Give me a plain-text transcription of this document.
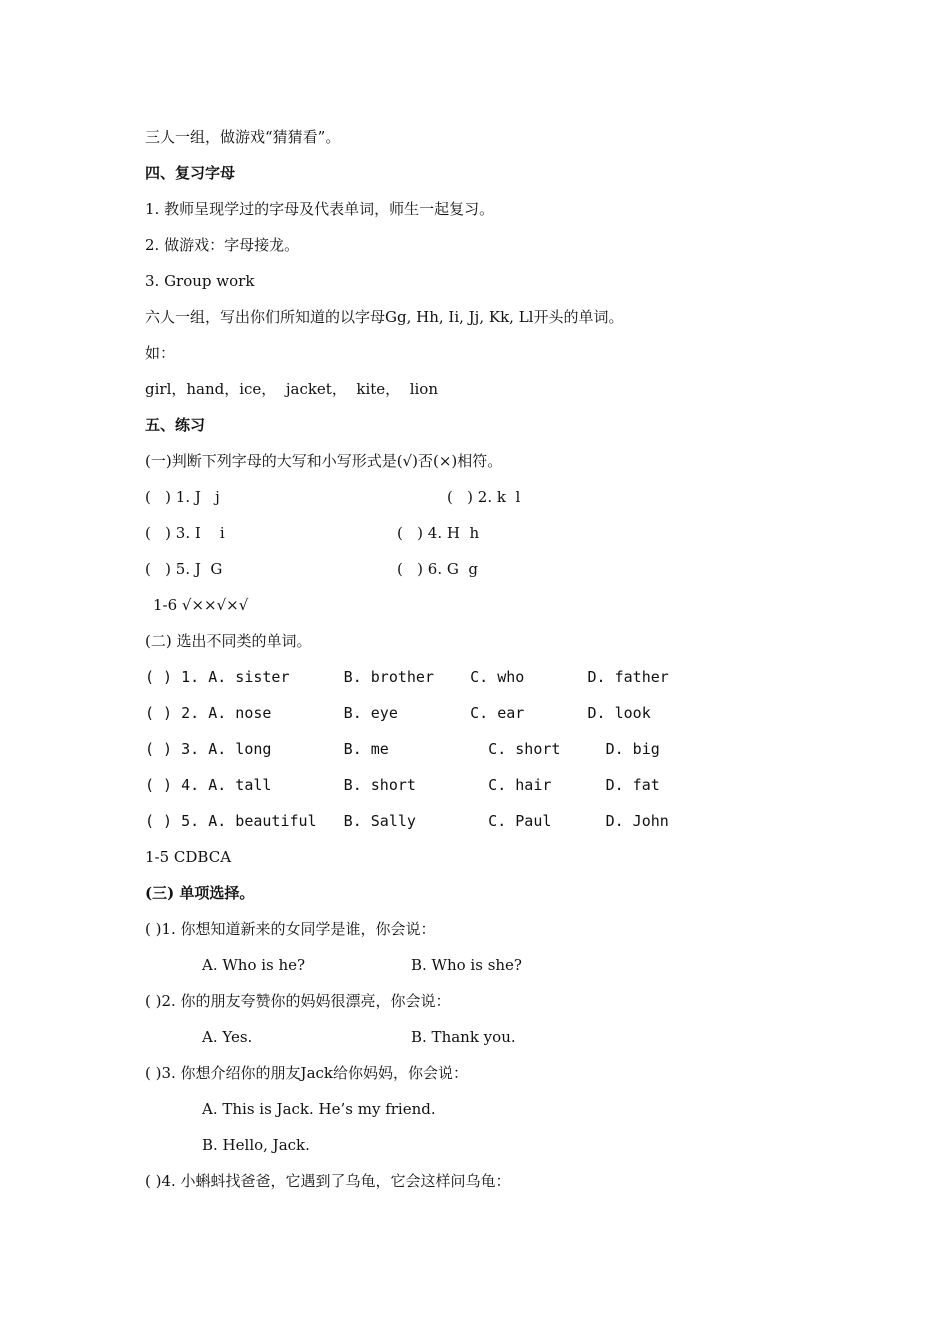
三人一组，做游戏“猜猜看”。
四、复习字母
1. 教师呈现学过的字母及代表单词，师生一起复习。
2. 做游戏：字母接龙。
3. Group work
六人一组，写出你们所知道的以字母Gg, Hh, Ii, Jj, Kk, Ll开头的单词。
如：
girl，hand，ice，  jacket，  kite，  lion
五、练习
(一)判断下列字母的大写和小写形式是(√)否(×)相符。
(   ) 1. J   j	(   ) 2. k  l
(   ) 3. I    i	(   ) 4. H  h
(   ) 5. J  G	(   ) 6. G  g
1-6 √××√×√
(二) 选出不同类的单词。
( ) 1. A. sister      B. brother    C. who       D. father
( ) 2. A. nose        B. eye        C. ear       D. look
( ) 3. A. long        B. me           C. short     D. big
( ) 4. A. tall        B. short        C. hair      D. fat
( ) 5. A. beautiful   B. Sally        C. Paul      D. John
1-5 CDBCA
(三) 单项选择。
( )1. 你想知道新来的女同学是谁，你会说：
A. Who is he?	B. Who is she?
( )2. 你的朋友夸赞你的妈妈很漂亮，你会说：
A. Yes.	B. Thank you.
( )3. 你想介绍你的朋友Jack给你妈妈，你会说：
A. This is Jack. He’s my friend.
B. Hello, Jack.
( )4. 小蝌蚪找爸爸，它遇到了乌龟，它会这样问乌龟：
